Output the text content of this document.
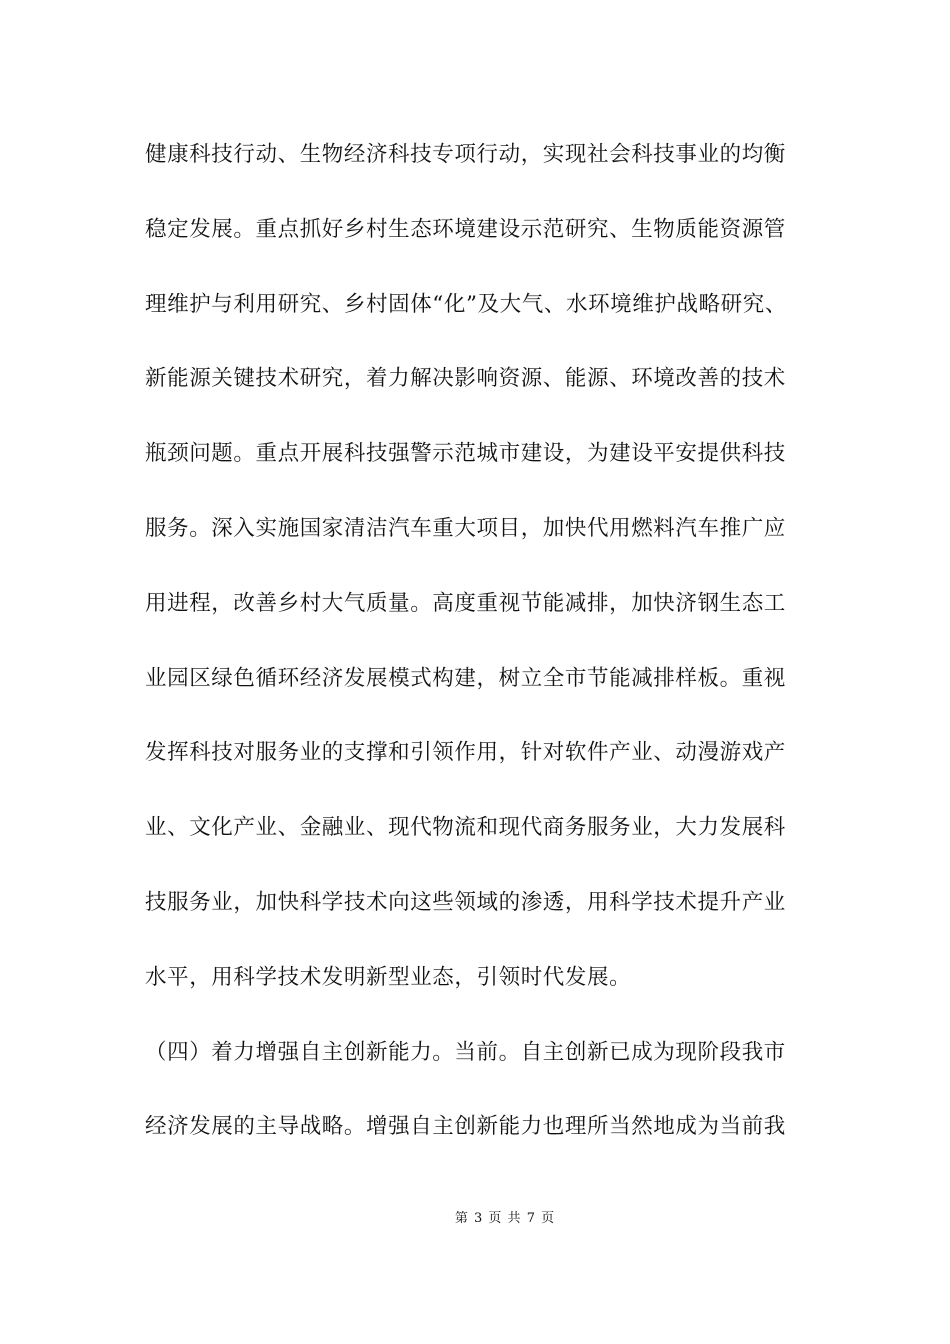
健康科技行动、生物经济科技专项行动，实现社会科技事业的均衡
稳定发展。重点抓好乡村生态环境建设示范研究、生物质能资源管
理维护与利用研究、乡村固体“化”及大气、水环境维护战略研究、
新能源关键技术研究，着力解决影响资源、能源、环境改善的技术
瓶颈问题。重点开展科技强警示范城市建设，为建设平安提供科技
服务。深入实施国家清洁汽车重大项目，加快代用燃料汽车推广应
用进程，改善乡村大气质量。高度重视节能减排，加快济钢生态工
业园区绿色循环经济发展模式构建，树立全市节能减排样板。重视
发挥科技对服务业的支撑和引领作用，针对软件产业、动漫游戏产
业、文化产业、金融业、现代物流和现代商务服务业，大力发展科
技服务业，加快科学技术向这些领域的渗透，用科学技术提升产业
水平，用科学技术发明新型业态，引领时代发展。
（四）着力增强自主创新能力。当前。自主创新已成为现阶段我市
经济发展的主导战略。增强自主创新能力也理所当然地成为当前我
第 3 页 共 7 页
